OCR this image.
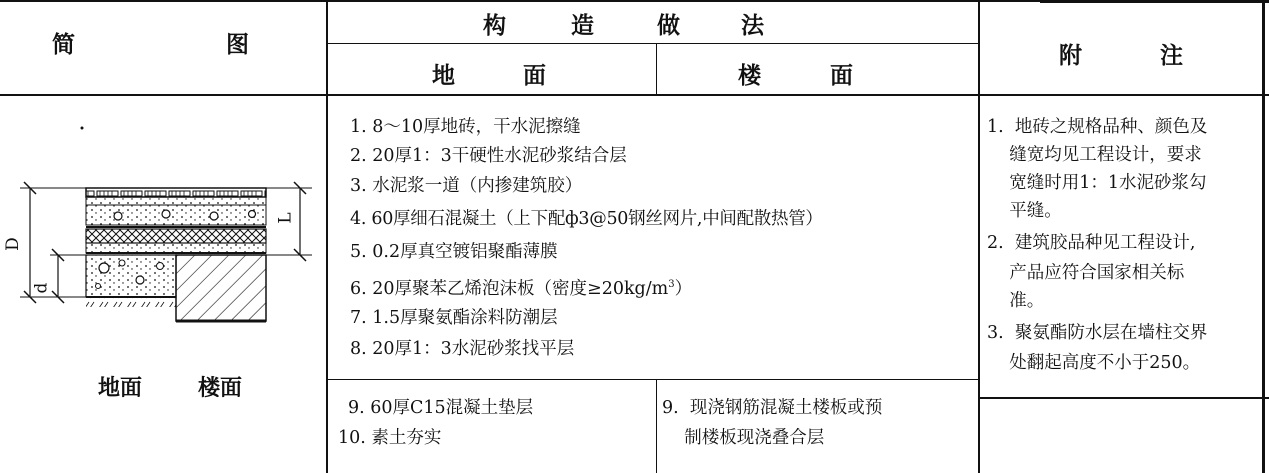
简	图
构	造	做	法
地	面	楼	面
附	注
D
d
L
地面	楼面
1. 8～10厚地砖，干水泥擦缝
2. 20厚1：3干硬性水泥砂浆结合层
3. 水泥浆一道（内掺建筑胶）
4. 60厚细石混凝土（上下配ф3@50钢丝网片,中间配散热管）
5. 0.2厚真空镀铝聚酯薄膜
6. 20厚聚苯乙烯泡沫板（密度$\ge 20kg/m^3$）
7. 1.5厚聚氨酯涂料防潮层
8. 20厚1：3水泥砂浆找平层
9. 60厚C15混凝土垫层
10. 素土夯实
9.  现浇钢筋混凝土楼板或预
制楼板现浇叠合层
1.  地砖之规格品种、颜色及
缝宽均见工程设计，要求
宽缝时用1：1水泥砂浆勾
平缝。
2.  建筑胶品种见工程设计,
产品应符合国家相关标
准。
3.  聚氨酯防水层在墙柱交界
处翻起高度不小于250。
